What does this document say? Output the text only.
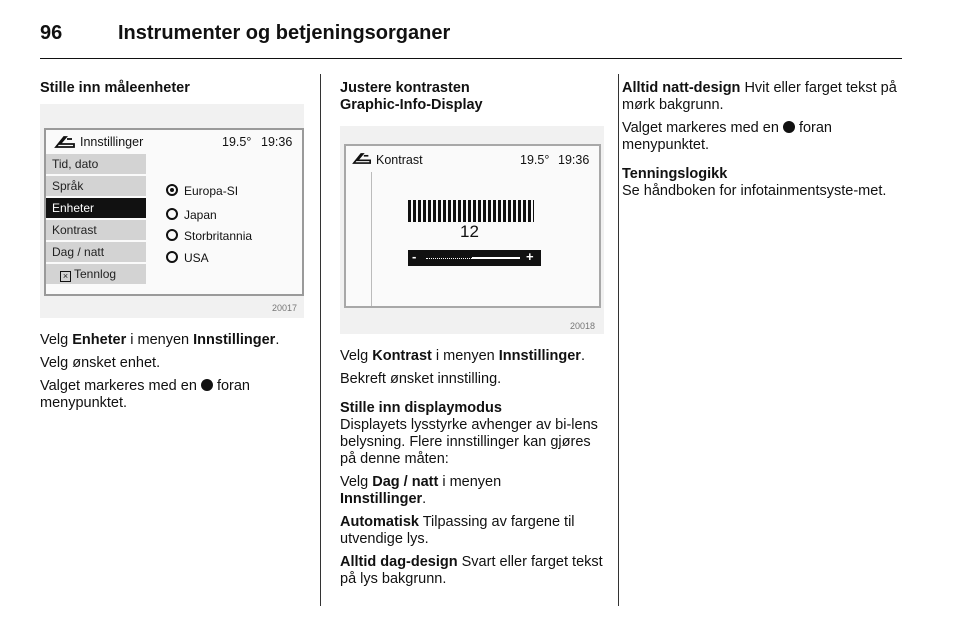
96	Instrumenter og betjeningsorganer

Stille inn måleenheter

Innstillinger	19.5° 19:36
Tid, dato
Språk
Enheter
Kontrast
Dag / natt
× Tennlog
Europa-SI
Japan
Storbritannia
USA
20017

Velg Enheter i menyen Innstillinger.

Velg ønsket enhet.

Valget markeres med en  foran menypunktet.

Justere kontrasten

Graphic-Info-Display

Kontrast	19.5° 19:36
12
-	+
20018

Velg Kontrast i menyen Innstillinger.

Bekreft ønsket innstilling.

Stille inn displaymodus

Displayets lysstyrke avhenger av bi-lens belysning. Flere innstillinger kan gjøres på denne måten:

Velg Dag / natt i menyen
Innstillinger.

Automatisk Tilpassing av fargene til utvendige lys.

Alltid dag-design Svart eller farget tekst på lys bakgrunn.

Alltid natt-design Hvit eller farget tekst på mørk bakgrunn.

Valget markeres med en  foran menypunktet.

Tenningslogikk

Se håndboken for infotainmentsyste-met.
